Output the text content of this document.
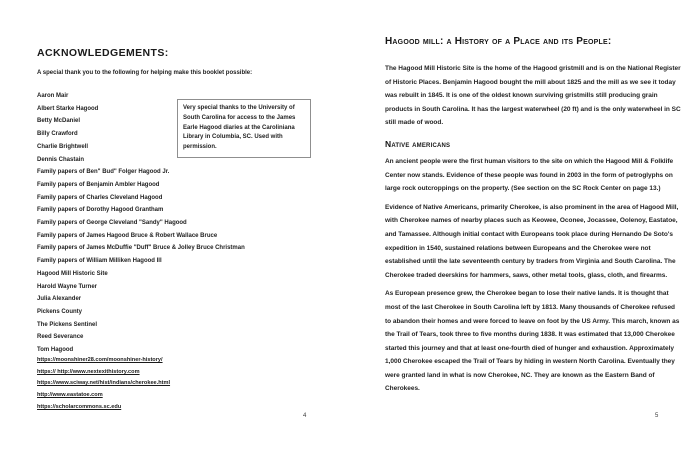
ACKNOWLEDGEMENTS:

A special thank you to the following for helping make this booklet possible:

Aaron Mair
Albert Starke Hagood
Betty McDaniel
Billy Crawford
Charlie Brightwell
Dennis Chastain
Family papers of Ben" Bud" Folger Hagood Jr.
Family papers of Benjamin Ambler Hagood
Family papers of Charles Cleveland Hagood
Family papers of Dorothy Hagood Grantham
Family papers of George Cleveland "Sandy" Hagood
Family papers of James Hagood Bruce & Robert Wallace Bruce
Family papers of James McDuffie "Duff" Bruce & Jolley Bruce Christman
Family papers of William Milliken Hagood III
Hagood Mill Historic Site
Harold Wayne Turner
Julia Alexander
Pickens County
The Pickens Sentinel
Reed Severance
Tom Hagood

Very special thanks to the University of South Carolina for access to the James Earle Hagood diaries at the Caroliniana Library in Columbia, SC. Used with permission.

https://moonshiner28.com/moonshiner-history/
https:// http://www.nextexithistory.com
https://www.sciway.net/hist/indians/cherokee.html
http://www.eastatoe.com
https://scholarcommons.sc.edu
4
Hagood mill: a History of a Place and its People:

The Hagood Mill Historic Site is the home of the Hagood gristmill and is on the National Register of Historic Places. Benjamin Hagood bought the mill about 1825 and the mill as we see it today was rebuilt in 1845. It is one of the oldest known surviving gristmills still producing grain products in South Carolina. It has the largest waterwheel (20 ft) and is the only waterwheel in SC still made of wood.

Native americans

An ancient people were the first human visitors to the site on which the Hagood Mill & Folklife Center now stands. Evidence of these people was found in 2003 in the form of petroglyphs on large rock outcroppings on the property. (See section on the SC Rock Center on page 13.)

Evidence of Native Americans, primarily Cherokee, is also prominent in the area of Hagood Mill, with Cherokee names of nearby places such as Keowee, Oconee, Jocassee, Oolenoy, Eastatoe, and Tamassee. Although initial contact with Europeans took place during Hernando De Soto's expedition in 1540, sustained relations between Europeans and the Cherokee were not established until the late seventeenth century by traders from Virginia and South Carolina. The Cherokee traded deerskins for hammers, saws, other metal tools, glass, cloth, and firearms.

As European presence grew, the Cherokee began to lose their native lands. It is thought that most of the last Cherokee in South Carolina left by 1813. Many thousands of Cherokee refused to abandon their homes and were forced to leave on foot by the US Army. This march, known as the Trail of Tears, took three to five months during 1838. It was estimated that 13,000 Cherokee started this journey and that at least one-fourth died of hunger and exhaustion. Approximately 1,000 Cherokee escaped the Trail of Tears by hiding in western North Carolina. Eventually they were granted land in what is now Cherokee, NC. They are known as the Eastern Band of Cherokees.

5
